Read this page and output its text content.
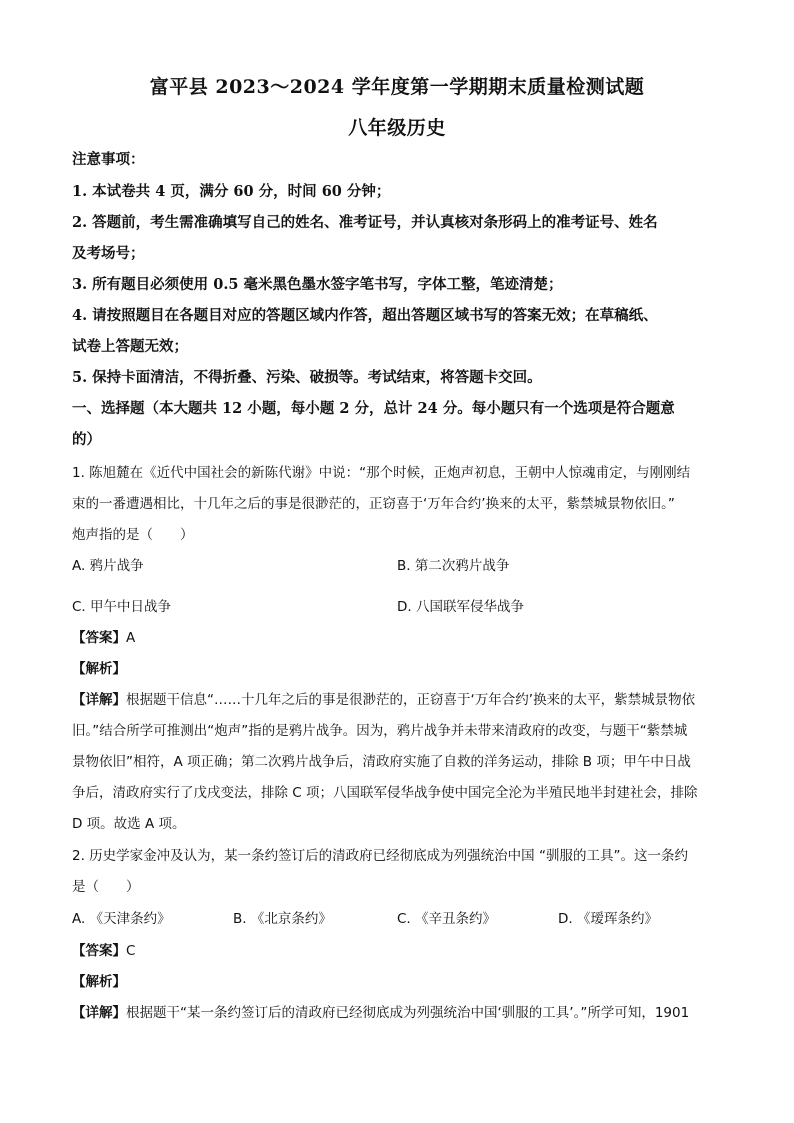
富平县 2023～2024 学年度第一学期期末质量检测试题
八年级历史
注意事项：
1. 本试卷共 4 页，满分 60 分，时间 60 分钟；
2. 答题前，考生需准确填写自己的姓名、准考证号，并认真核对条形码上的准考证号、姓名
及考场号；
3. 所有题目必须使用 0.5 毫米黑色墨水签字笔书写，字体工整，笔迹清楚；
4. 请按照题目在各题目对应的答题区域内作答，超出答题区域书写的答案无效；在草稿纸、
试卷上答题无效；
5. 保持卡面清洁，不得折叠、污染、破损等。考试结束，将答题卡交回。
一、选择题（本大题共 12 小题，每小题 2 分，总计 24 分。每小题只有一个选项是符合题意
的）
1. 陈旭麓在《近代中国社会的新陈代谢》中说：“那个时候，正炮声初息，王朝中人惊魂甫定，与刚刚结
束的一番遭遇相比，十几年之后的事是很渺茫的，正窃喜于‘万年合约’换来的太平，紫禁城景物依旧。”
炮声指的是（　　）
A. 鸦片战争	B. 第二次鸦片战争
C. 甲午中日战争	D. 八国联军侵华战争
【答案】A
【解析】
【详解】根据题干信息“……十几年之后的事是很渺茫的，正窃喜于‘万年合约’换来的太平，紫禁城景物依
旧。”结合所学可推测出“炮声”指的是鸦片战争。因为，鸦片战争并未带来清政府的改变，与题干“紫禁城
景物依旧”相符，A 项正确；第二次鸦片战争后，清政府实施了自救的洋务运动，排除 B 项；甲午中日战
争后，清政府实行了戊戌变法，排除 C 项；八国联军侵华战争使中国完全沦为半殖民地半封建社会，排除
D 项。故选 A 项。
2. 历史学家金冲及认为，某一条约签订后的清政府已经彻底成为列强统治中国 “驯服的工具”。这一条约
是（　　）
A. 《天津条约》	B. 《北京条约》	C. 《辛丑条约》	D. 《瑷珲条约》
【答案】C
【解析】
【详解】根据题干“某一条约签订后的清政府已经彻底成为列强统治中国‘驯服的工具’。”所学可知，1901
